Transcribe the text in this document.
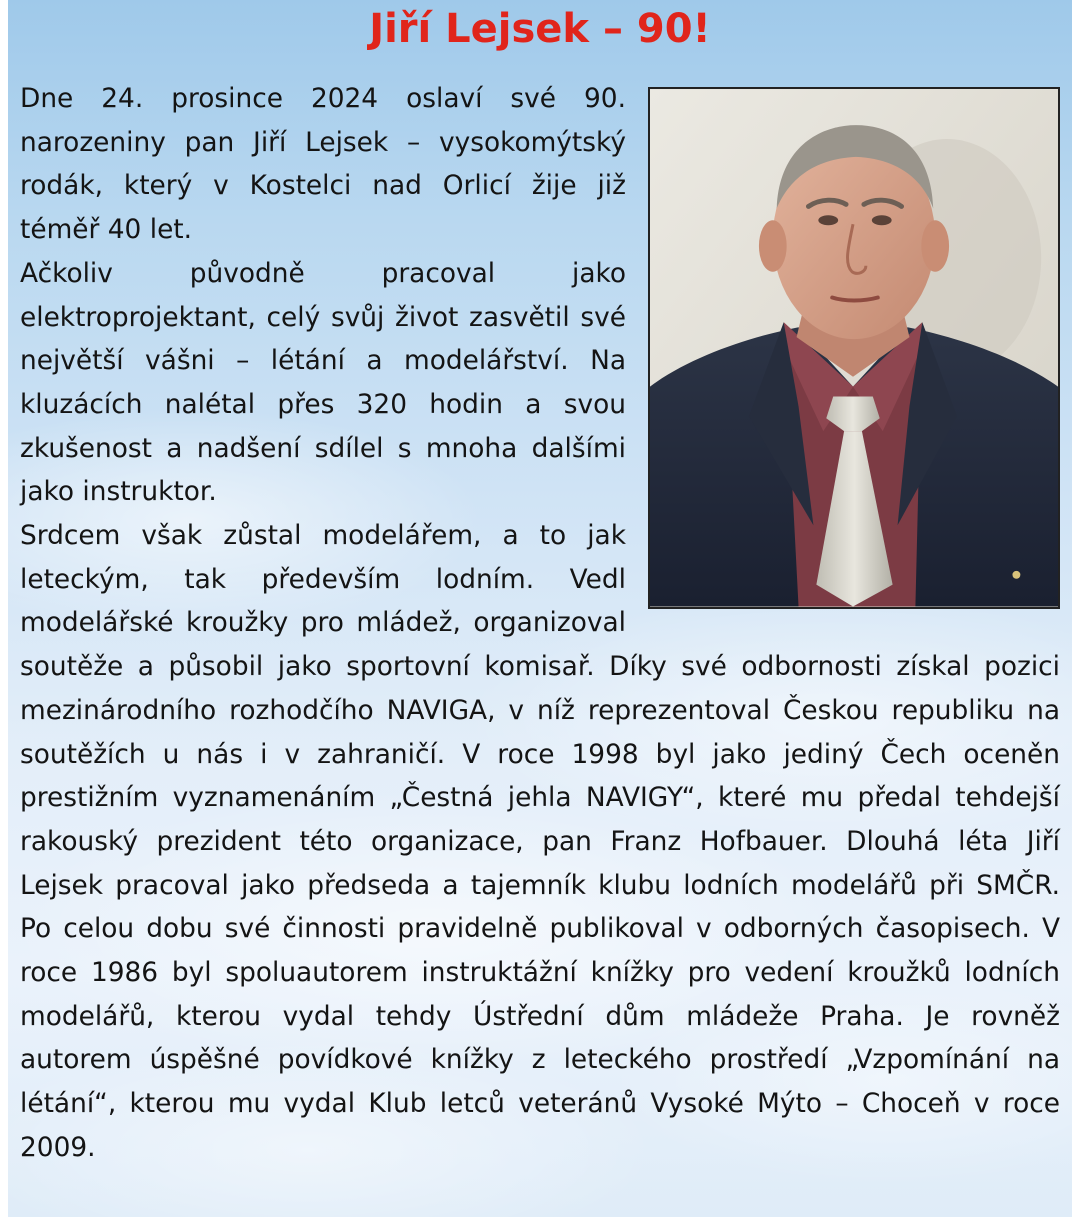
Jiří Lejsek – 90!

Dne 24. prosince 2024 oslaví své 90. narozeniny pan Jiří Lejsek – vysokomýtský rodák, který v Kostelci nad Orlicí žije již téměř 40 let.

Ačkoliv původně pracoval jako elektroprojektant, celý svůj život zasvětil své největší vášni – létání a modelářství. Na kluzácích nalétal přes 320 hodin a svou zkušenost a nadšení sdílel s mnoha dalšími jako instruktor.

Srdcem však zůstal modelářem, a to jak leteckým, tak především lodním. Vedl modelářské kroužky pro mládež, organizoval soutěže a působil jako sportovní komisař. Díky své odbornosti získal pozici mezinárodního rozhodčího NAVIGA, v níž reprezentoval Českou republiku na soutěžích u nás i v zahraničí. V roce 1998 byl jako jediný Čech oceněn prestižním vyznamenáním „Čestná jehla NAVIGY“, které mu předal tehdejší rakouský prezident této organizace, pan Franz Hofbauer. Dlouhá léta Jiří Lejsek pracoval jako předseda a tajemník klubu lodních modelářů při SMČR. Po celou dobu své činnosti pravidelně publikoval v odborných časopisech. V roce 1986 byl spoluautorem instruktážní knížky pro vedení kroužků lodních modelářů, kterou vydal tehdy Ústřední dům mládeže Praha. Je rovněž autorem úspěšné povídkové knížky z leteckého prostředí „Vzpomínání na létání“, kterou mu vydal Klub letců veteránů Vysoké Mýto – Choceň v roce 2009.
